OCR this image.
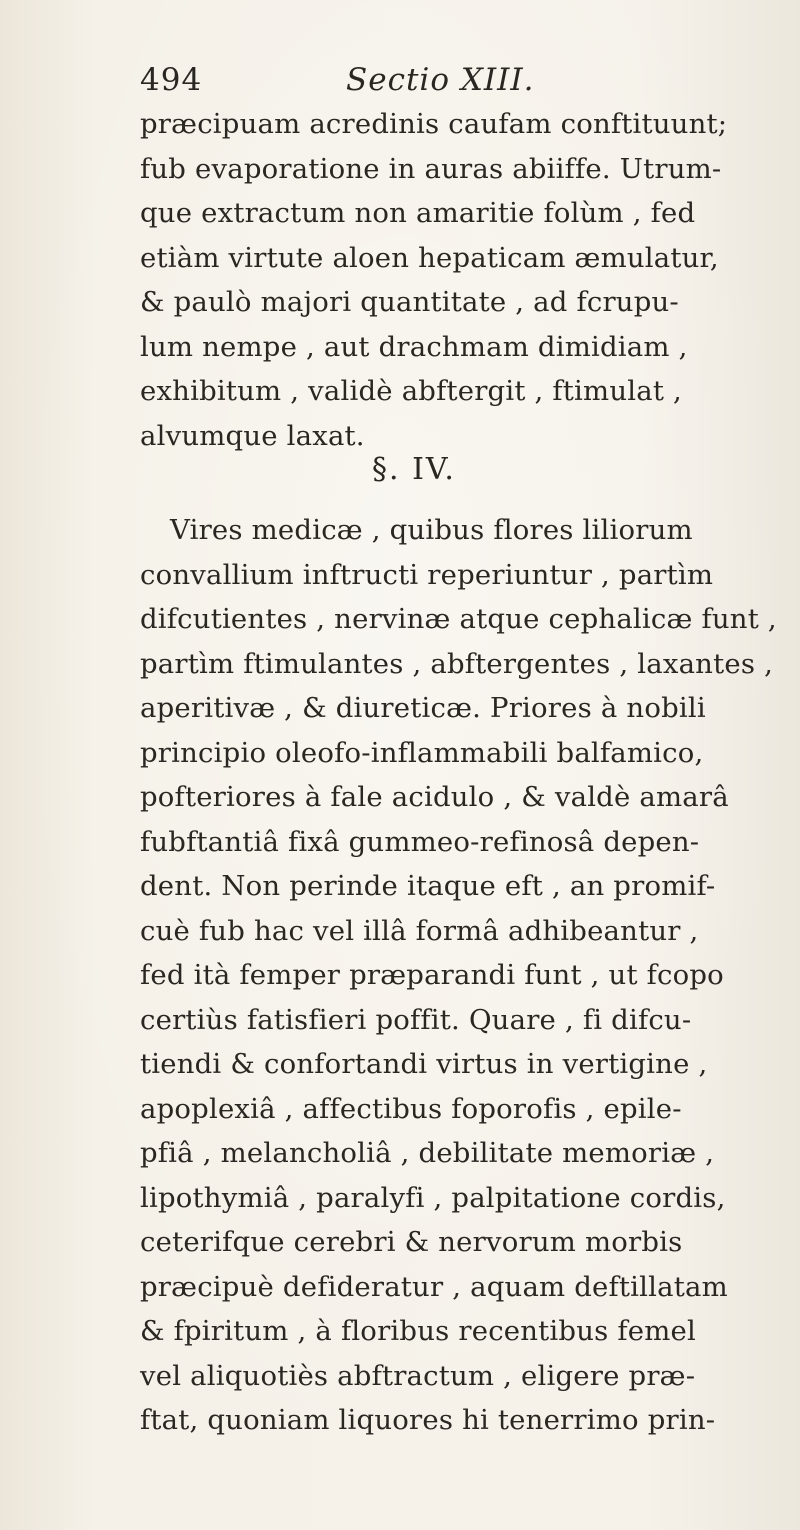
494	Sectio XIII.
præcipuam acredinis caufam conftituunt;
fub evaporatione in auras abiiffe. Utrum-
que extractum non amaritie folùm , fed
etiàm virtute aloen hepaticam æmulatur,
& paulò majori quantitate , ad fcrupu-
lum nempe , aut drachmam dimidiam ,
exhibitum , validè abftergit , ftimulat ,
alvumque laxat.
§. IV.
Vires medicæ , quibus flores liliorum
convallium inftructi reperiuntur , partìm
difcutientes , nervinæ atque cephalicæ funt ,
partìm ftimulantes , abftergentes , laxantes ,
aperitivæ , & diureticæ. Priores à nobili
principio oleofo-inflammabili balfamico,
pofteriores à fale acidulo , & valdè amarâ
fubftantiâ fixâ gummeo-refinosâ depen-
dent. Non perinde itaque eft , an promif-
cuè fub hac vel illâ formâ adhibeantur ,
fed ità femper præparandi funt , ut fcopo
certiùs fatisfieri poffit. Quare , fi difcu-
tiendi & confortandi virtus in vertigine ,
apoplexiâ , affectibus foporofis , epile-
pfiâ , melancholiâ , debilitate memoriæ ,
lipothymiâ , paralyfi , palpitatione cordis,
ceterifque cerebri & nervorum morbis
præcipuè defideratur , aquam deftillatam
& fpiritum , à floribus recentibus femel
vel aliquotiès abftractum , eligere præ-
ftat, quoniam liquores hi tenerrimo prin-
